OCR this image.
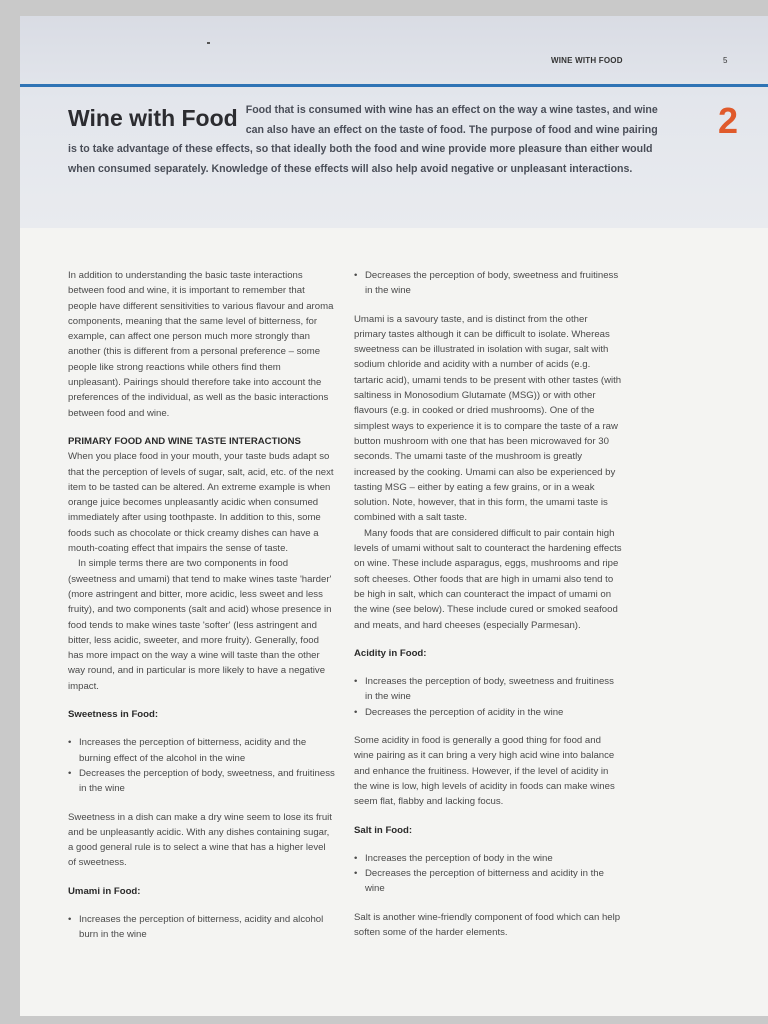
WINE WITH FOOD	5
2
Wine with Food Food that is consumed with wine has an effect on the way a wine tastes, and wine can also have an effect on the taste of food. The purpose of food and wine pairing is to take advantage of these effects, so that ideally both the food and wine provide more pleasure than either would when consumed separately. Knowledge of these effects will also help avoid negative or unpleasant interactions.

In addition to understanding the basic taste interactions between food and wine, it is important to remember that people have different sensitivities to various flavour and aroma components, meaning that the same level of bitterness, for example, can affect one person much more strongly than another (this is different from a personal preference – some people like strong reactions while others find them unpleasant). Pairings should therefore take into account the preferences of the individual, as well as the basic interactions between food and wine.

PRIMARY FOOD AND WINE TASTE INTERACTIONS

When you place food in your mouth, your taste buds adapt so that the perception of levels of sugar, salt, acid, etc. of the next item to be tasted can be altered. An extreme example is when orange juice becomes unpleasantly acidic when consumed immediately after using toothpaste. In addition to this, some foods such as chocolate or thick creamy dishes can have a mouth-coating effect that impairs the sense of taste.

In simple terms there are two components in food (sweetness and umami) that tend to make wines taste 'harder' (more astringent and bitter, more acidic, less sweet and less fruity), and two components (salt and acid) whose presence in food tends to make wines taste 'softer' (less astringent and bitter, less acidic, sweeter, and more fruity). Generally, food has more impact on the way a wine will taste than the other way round, and in particular is more likely to have a negative impact.

Sweetness in Food:

• Increases the perception of bitterness, acidity and the burning effect of the alcohol in the wine
• Decreases the perception of body, sweetness, and fruitiness in the wine

Sweetness in a dish can make a dry wine seem to lose its fruit and be unpleasantly acidic. With any dishes containing sugar, a good general rule is to select a wine that has a higher level of sweetness.

Umami in Food:

• Increases the perception of bitterness, acidity and alcohol burn in the wine
• Decreases the perception of body, sweetness and fruitiness in the wine

Umami is a savoury taste, and is distinct from the other primary tastes although it can be difficult to isolate. Whereas sweetness can be illustrated in isolation with sugar, salt with sodium chloride and acidity with a number of acids (e.g. tartaric acid), umami tends to be present with other tastes (with saltiness in Monosodium Glutamate (MSG)) or with other flavours (e.g. in cooked or dried mushrooms). One of the simplest ways to experience it is to compare the taste of a raw button mushroom with one that has been microwaved for 30 seconds. The umami taste of the mushroom is greatly increased by the cooking. Umami can also be experienced by tasting MSG – either by eating a few grains, or in a weak solution. Note, however, that in this form, the umami taste is combined with a salt taste.

Many foods that are considered difficult to pair contain high levels of umami without salt to counteract the hardening effects on wine. These include asparagus, eggs, mushrooms and ripe soft cheeses. Other foods that are high in umami also tend to be high in salt, which can counteract the impact of umami on the wine (see below). These include cured or smoked seafood and meats, and hard cheeses (especially Parmesan).

Acidity in Food:

• Increases the perception of body, sweetness and fruitiness in the wine
• Decreases the perception of acidity in the wine

Some acidity in food is generally a good thing for food and wine pairing as it can bring a very high acid wine into balance and enhance the fruitiness. However, if the level of acidity in the wine is low, high levels of acidity in foods can make wines seem flat, flabby and lacking focus.

Salt in Food:

• Increases the perception of body in the wine
• Decreases the perception of bitterness and acidity in the wine

Salt is another wine-friendly component of food which can help soften some of the harder elements.
